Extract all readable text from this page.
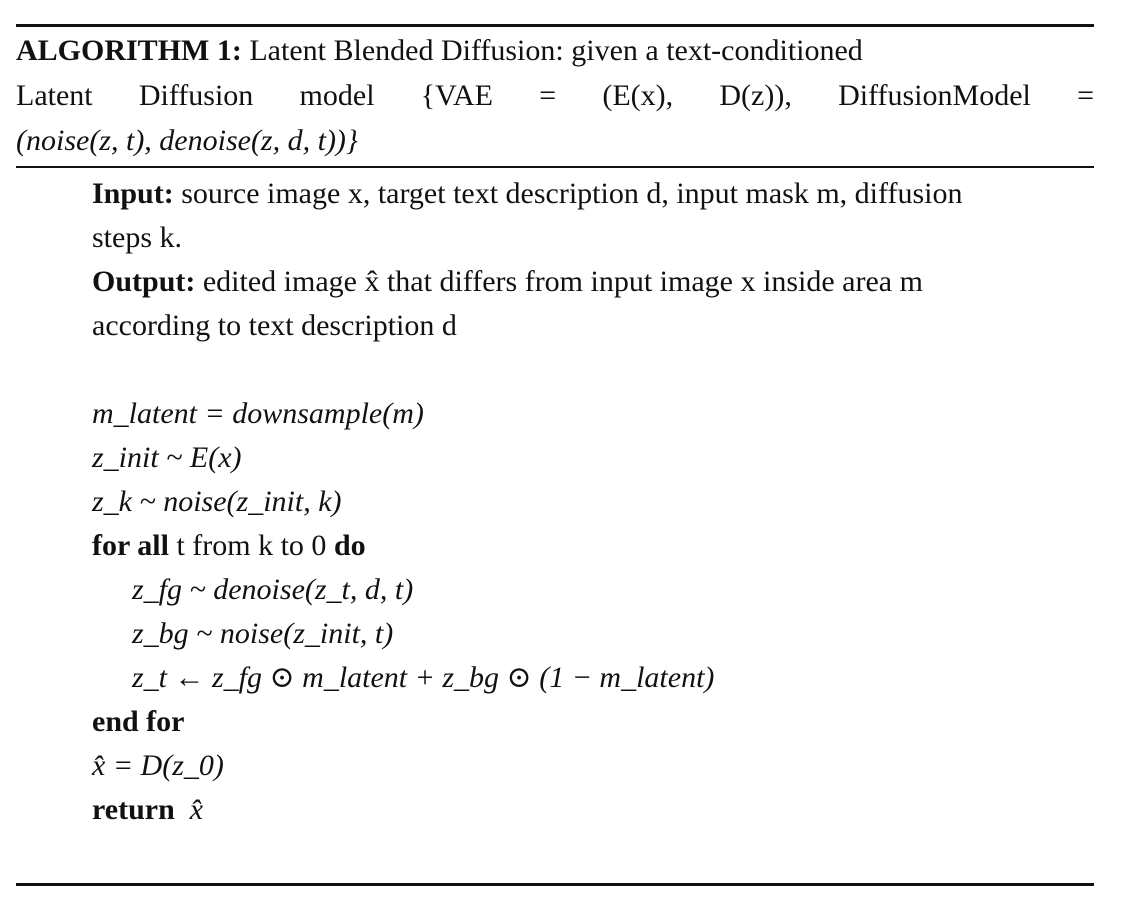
ALGORITHM 1: Latent Blended Diffusion: given a text-conditioned
Latent Diffusion model {VAE = (E(x), D(z)), DiffusionModel =
(noise(z, t), denoise(z, d, t))}
Input: source image x, target text description d, input mask m, diffusion
steps k.
Output: edited image x̂ that differs from input image x inside area m
according to text description d
m_latent = downsample(m)
z_init ~ E(x)
z_k ~ noise(z_init, k)
for all t from k to 0 do
z_fg ~ denoise(z_t, d, t)
z_bg ~ noise(z_init, t)
z_t ← z_fg ⊙ m_latent + z_bg ⊙ (1 − m_latent)
end for
x̂ = D(z_0)
return x̂
